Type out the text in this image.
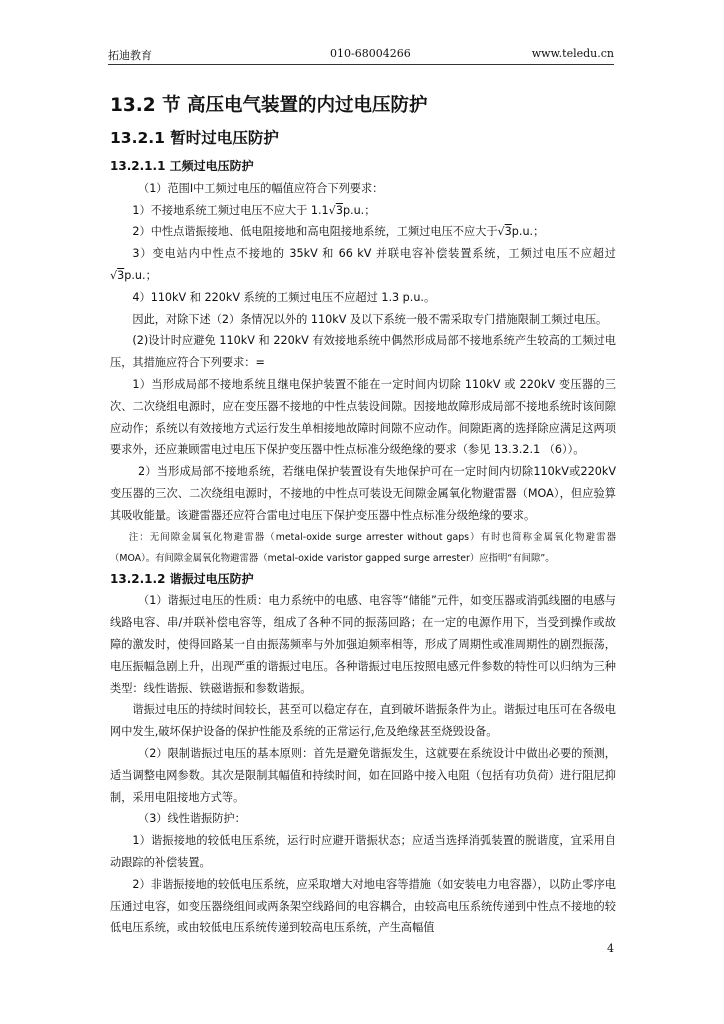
拓迪教育	010-68004266	www.teledu.cn
13.2 节 高压电气装置的内过电压防护
13.2.1 暂时过电压防护
13.2.1.1 工频过电压防护

（1）范围Ⅰ中工频过电压的幅值应符合下列要求：

1）不接地系统工频过电压不应大于 1.1√3p.u.；

2）中性点谐振接地、低电阻接地和高电阻接地系统，工频过电压不应大于√3p.u.；

3）变电站内中性点不接地的 35kV 和 66 kV 并联电容补偿装置系统，工频过电压不应超过√3p.u.；

4）110kV 和 220kV 系统的工频过电压不应超过 1.3 p.u.。

因此，对除下述（2）条情况以外的 110kV 及以下系统一般不需采取专门措施限制工频过电压。

(2)设计时应避免 110kV 和 220kV 有效接地系统中偶然形成局部不接地系统产生较高的工频过电压，其措施应符合下列要求：=

1）当形成局部不接地系统且继电保护装置不能在一定时间内切除 110kV 或 220kV 变压器的三次、二次绕组电源时，应在变压器不接地的中性点装设间隙。因接地故障形成局部不接地系统时该间隙应动作；系统以有效接地方式运行发生单相接地故障时间隙不应动作。间隙距离的选择除应满足这两项要求外，还应兼顾雷电过电压下保护变压器中性点标准分级绝缘的要求（参见 13.3.2.1 （6））。

2）当形成局部不接地系统，若继电保护装置设有失地保护可在一定时间内切除110kV或220kV变压器的三次、二次绕组电源时，不接地的中性点可装设无间隙金属氧化物避雷器（MOA），但应验算其吸收能量。该避雷器还应符合雷电过电压下保护变压器中性点标准分级绝缘的要求。

注：无间隙金属氧化物避雷器（metal-oxide surge arrester without gaps）有时也简称金属氧化物避雷器（MOA）。有间隙金属氧化物避雷器（metal-oxide varistor gapped surge arrester）应指明“有间隙”。

13.2.1.2 谐振过电压防护

（1）谐振过电压的性质：电力系统中的电感、电容等“储能”元件，如变压器或消弧线圈的电感与线路电容、串/并联补偿电容等，组成了各种不同的振荡回路；在一定的电源作用下，当受到操作或故障的激发时，使得回路某一自由振荡频率与外加强迫频率相等，形成了周期性或准周期性的剧烈振荡，电压振幅急剧上升，出现严重的谐振过电压。各种谐振过电压按照电感元件参数的特性可以归纳为三种类型：线性谐振、铁磁谐振和参数谐振。

谐振过电压的持续时间较长，甚至可以稳定存在，直到破坏谐振条件为止。谐振过电压可在各级电网中发生,破坏保护设备的保护性能及系统的正常运行,危及绝缘甚至烧毁设备。

（2）限制谐振过电压的基本原则：首先是避免谐振发生，这就要在系统设计中做出必要的预测，适当调整电网参数。其次是限制其幅值和持续时间，如在回路中接入电阻（包括有功负荷）进行阻尼抑制，采用电阻接地方式等。

（3）线性谐振防护：

1）谐振接地的较低电压系统，运行时应避开谐振状态；应适当选择消弧装置的脱谐度，宜采用自动跟踪的补偿装置。

2）非谐振接地的较低电压系统，应采取增大对地电容等措施（如安装电力电容器），以防止零序电压通过电容，如变压器绕组间或两条架空线路间的电容耦合，由较高电压系统传递到中性点不接地的较低电压系统，或由较低电压系统传递到较高电压系统，产生高幅值

4
